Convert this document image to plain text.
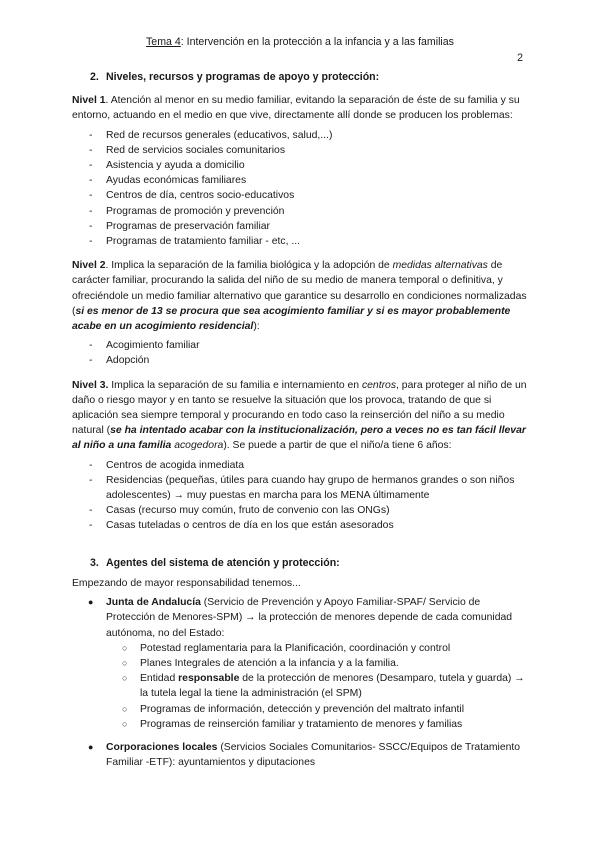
Tema 4: Intervención en la protección a la infancia y a las familias
2
2. Niveles, recursos y programas de apoyo y protección:

Nivel 1. Atención al menor en su medio familiar, evitando la separación de éste de su familia y su entorno, actuando en el medio en que vive, directamente allí donde se producen los problemas:

- Red de recursos generales (educativos, salud,...)
- Red de servicios sociales comunitarios
- Asistencia y ayuda a domicilio
- Ayudas económicas familiares
- Centros de día, centros socio-educativos
- Programas de promoción y prevención
- Programas de preservación familiar
- Programas de tratamiento familiar - etc, ...

Nivel 2. Implica la separación de la familia biológica y la adopción de medidas alternativas de carácter familiar, procurando la salida del niño de su medio de manera temporal o definitiva, y ofreciéndole un medio familiar alternativo que garantice su desarrollo en condiciones normalizadas (si es menor de 13 se procura que sea acogimiento familiar y si es mayor probablemente acabe en un acogimiento residencial):

- Acogimiento familiar
- Adopción

Nivel 3. Implica la separación de su familia e internamiento en centros, para proteger al niño de un daño o riesgo mayor y en tanto se resuelve la situación que los provoca, tratando de que si aplicación sea siempre temporal y procurando en todo caso la reinserción del niño a su medio natural (se ha intentado acabar con la institucionalización, pero a veces no es tan fácil llevar al niño a una familia acogedora). Se puede a partir de que el niño/a tiene 6 años:

- Centros de acogida inmediata
- Residencias (pequeñas, útiles para cuando hay grupo de hermanos grandes o son niños adolescentes) → muy puestas en marcha para los MENA últimamente
- Casas (recurso muy común, fruto de convenio con las ONGs)
- Casas tuteladas o centros de día en los que están asesorados
3. Agentes del sistema de atención y protección:

Empezando de mayor responsabilidad tenemos...

● Junta de Andalucía (Servicio de Prevención y Apoyo Familiar-SPAF/ Servicio de Protección de Menores-SPM) → la protección de menores depende de cada comunidad autónoma, no del Estado:
○ Potestad reglamentaria para la Planificación, coordinación y control
○ Planes Integrales de atención a la infancia y a la familia.
○ Entidad responsable de la protección de menores (Desamparo, tutela y guarda) → la tutela legal la tiene la administración (el SPM)
○ Programas de información, detección y prevención del maltrato infantil
○ Programas de reinserción familiar y tratamiento de menores y familias
● Corporaciones locales (Servicios Sociales Comunitarios- SSCC/Equipos de Tratamiento Familiar -ETF): ayuntamientos y diputaciones
